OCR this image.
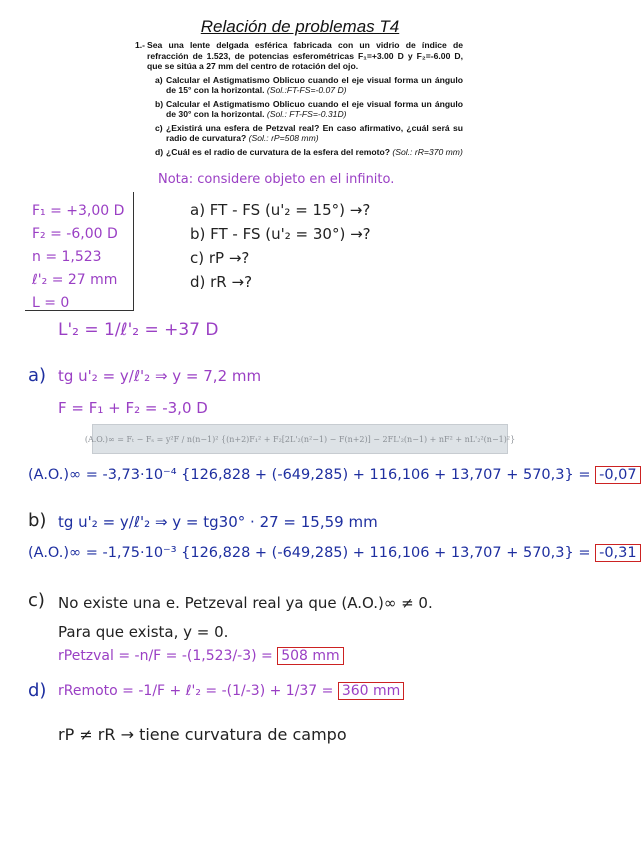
Relación de problemas T4
1.- Sea una lente delgada esférica fabricada con un vidrio de índice de refracción de 1.523, de potencias esferométricas F₁=+3.00 D y F₂=-6.00 D, que se sitúa a 27 mm del centro de rotación del ojo.
a) Calcular el Astigmatismo Oblicuo cuando el eje visual forma un ángulo de 15° con la horizontal. (Sol.:FT-FS=-0.07 D)
b) Calcular el Astigmatismo Oblicuo cuando el eje visual forma un ángulo de 30° con la horizontal. (Sol.: FT-FS=-0.31D)
c) ¿Existirá una esfera de Petzval real? En caso afirmativo, ¿cuál será su radio de curvatura? (Sol.: rP=508 mm)
d) ¿Cuál es el radio de curvatura de la esfera del remoto? (Sol.: rR=370 mm)
Nota: considere objeto en el infinito.
F₁ = +3,00 D
F₂ = -6,00 D
n = 1,523
ℓ'₂ = 27 mm
L = 0
a) FT - FS (u'₂ = 15°) →?
b) FT - FS (u'₂ = 30°) →?
c) rP →?
d) rR →?
L'₂ = 1/ℓ'₂ = +37 D
a) tg u'₂ = y/ℓ'₂ ⇒ y = 7,2 mm
F = F₁ + F₂ = -3,0 D
(A.O.)∞ = Fₜ − Fₛ = y²F / n(n−1)² {(n+2)F₁² + F₂[2L'₂(n²−1) − F(n+2)] − 2FL'₂(n−1) + nF² + nL'₂²(n−1)²}
(A.O.)∞ = -3,73·10⁻⁴ {126,828 + (-649,285) + 116,106 + 13,707 + 570,3} = -0,07
b) tg u'₂ = y/ℓ'₂ ⇒ y = tg30° · 27 = 15,59 mm
(A.O.)∞ = -1,75·10⁻³ {126,828 + (-649,285) + 116,106 + 13,707 + 570,3} = -0,31
c) No existe una e. Petzeval real ya que (A.O.)∞ ≠ 0.
Para que exista, y = 0.
rPetzval = -n/F = -(1,523/-3) = 508 mm
d) rRemoto = -1/F + ℓ'₂ = -(1/-3) + 1/37 = 360 mm
rP ≠ rR → tiene curvatura de campo
